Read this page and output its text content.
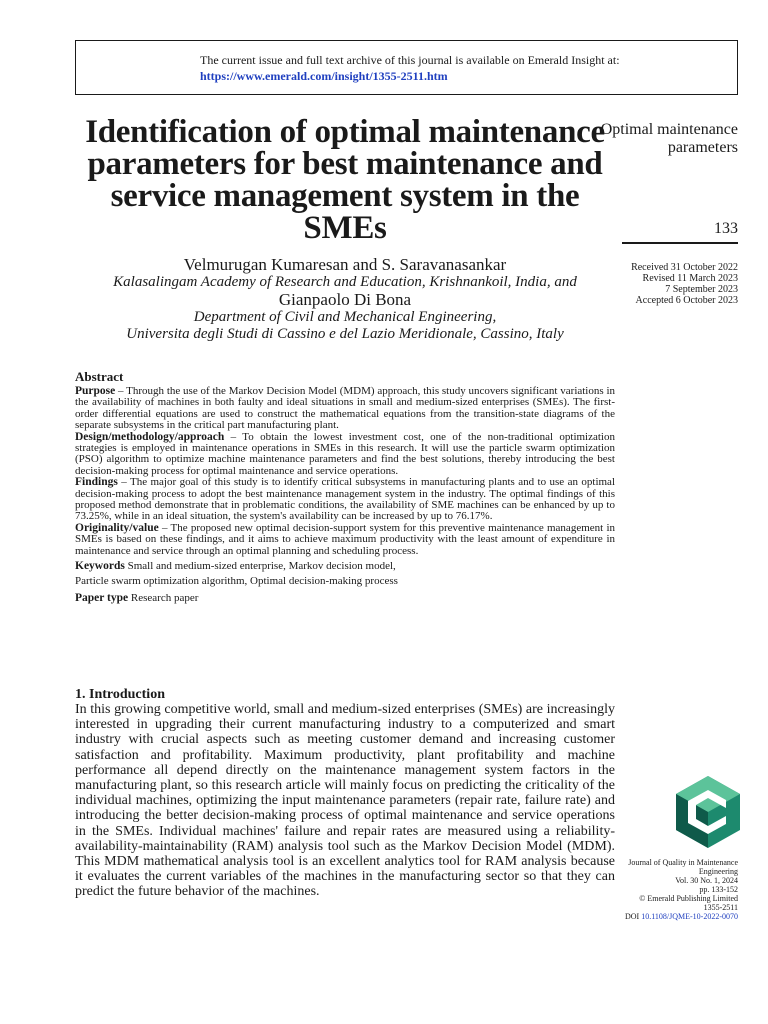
The current issue and full text archive of this journal is available on Emerald Insight at:
https://www.emerald.com/insight/1355-2511.htm
Identification of optimal maintenance parameters for best maintenance and service management system in the SMEs
Velmurugan Kumaresan and S. Saravanasankar
Kalasalingam Academy of Research and Education, Krishnankoil, India, and
Gianpaolo Di Bona
Department of Civil and Mechanical Engineering,
Universita degli Studi di Cassino e del Lazio Meridionale, Cassino, Italy
Optimal maintenance parameters
133
Received 31 October 2022
Revised 11 March 2023
7 September 2023
Accepted 6 October 2023
Abstract

Purpose – Through the use of the Markov Decision Model (MDM) approach, this study uncovers significant variations in the availability of machines in both faulty and ideal situations in small and medium-sized enterprises (SMEs). The first-order differential equations are used to construct the mathematical equations from the transition-state diagrams of the separate subsystems in the critical part manufacturing plant.

Design/methodology/approach – To obtain the lowest investment cost, one of the non-traditional optimization strategies is employed in maintenance operations in SMEs in this research. It will use the particle swarm optimization (PSO) algorithm to optimize machine maintenance parameters and find the best solutions, thereby introducing the best decision-making process for optimal maintenance and service operations.

Findings – The major goal of this study is to identify critical subsystems in manufacturing plants and to use an optimal decision-making process to adopt the best maintenance management system in the industry. The optimal findings of this proposed method demonstrate that in problematic conditions, the availability of SME machines can be enhanced by up to 73.25%, while in an ideal situation, the system's availability can be increased by up to 76.17%.

Originality/value – The proposed new optimal decision-support system for this preventive maintenance management in SMEs is based on these findings, and it aims to achieve maximum productivity with the least amount of expenditure in maintenance and service through an optimal planning and scheduling process.

Keywords Small and medium-sized enterprise, Markov decision model,
Particle swarm optimization algorithm, Optimal decision-making process

Paper type Research paper

1. Introduction

In this growing competitive world, small and medium-sized enterprises (SMEs) are increasingly interested in upgrading their current manufacturing industry to a computerized and smart industry with crucial aspects such as meeting customer demand and increasing customer satisfaction and profitability. Maximum productivity, plant profitability and machine performance all depend directly on the maintenance management system factors in the manufacturing plant, so this research article will mainly focus on predicting the criticality of the individual machines, optimizing the input maintenance parameters (repair rate, failure rate) and introducing the better decision-making process of optimal maintenance and service operations in the SMEs. Individual machines' failure and repair rates are measured using a reliability-availability-maintainability (RAM) analysis tool such as the Markov Decision Model (MDM). This MDM mathematical analysis tool is an excellent analytics tool for RAM analysis because it evaluates the current variables of the machines in the manufacturing sector so that they can predict the future behavior of the machines.

Journal of Quality in Maintenance Engineering
Vol. 30 No. 1, 2024
pp. 133-152
© Emerald Publishing Limited
1355-2511
DOI 10.1108/JQME-10-2022-0070
